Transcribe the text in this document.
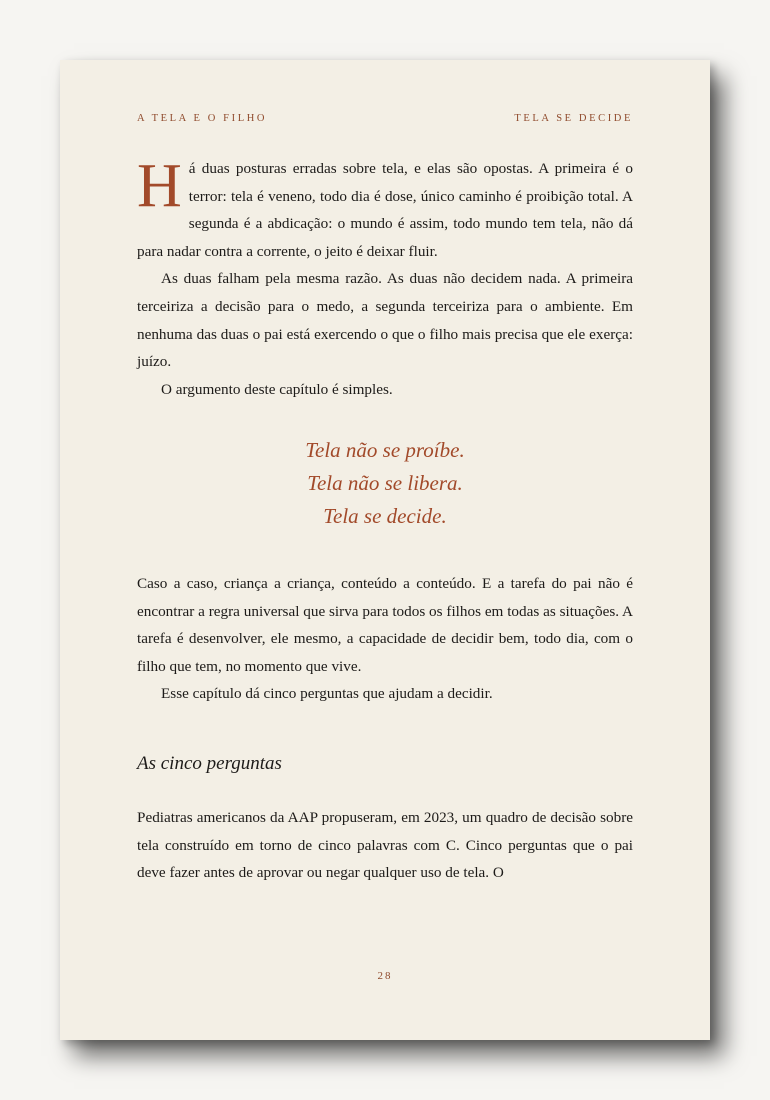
A TELA E O FILHO	TELA SE DECIDE

Há duas posturas erradas sobre tela, e elas são opostas. A primeira é o terror: tela é veneno, todo dia é dose, único caminho é proibição total. A segunda é a abdicação: o mundo é assim, todo mundo tem tela, não dá para nadar contra a corrente, o jeito é deixar fluir.

As duas falham pela mesma razão. As duas não decidem nada. A primeira terceiriza a decisão para o medo, a segunda terceiriza para o ambiente. Em nenhuma das duas o pai está exercendo o que o filho mais precisa que ele exerça: juízo.

O argumento deste capítulo é simples.

Tela não se proíbe.
Tela não se libera.
Tela se decide.

Caso a caso, criança a criança, conteúdo a conteúdo. E a tarefa do pai não é encontrar a regra universal que sirva para todos os filhos em todas as situações. A tarefa é desenvolver, ele mesmo, a capacidade de decidir bem, todo dia, com o filho que tem, no momento que vive.

Esse capítulo dá cinco perguntas que ajudam a decidir.

As cinco perguntas

Pediatras americanos da AAP propuseram, em 2023, um quadro de decisão sobre tela construído em torno de cinco palavras com C. Cinco perguntas que o pai deve fazer antes de aprovar ou negar qualquer uso de tela. O

28
